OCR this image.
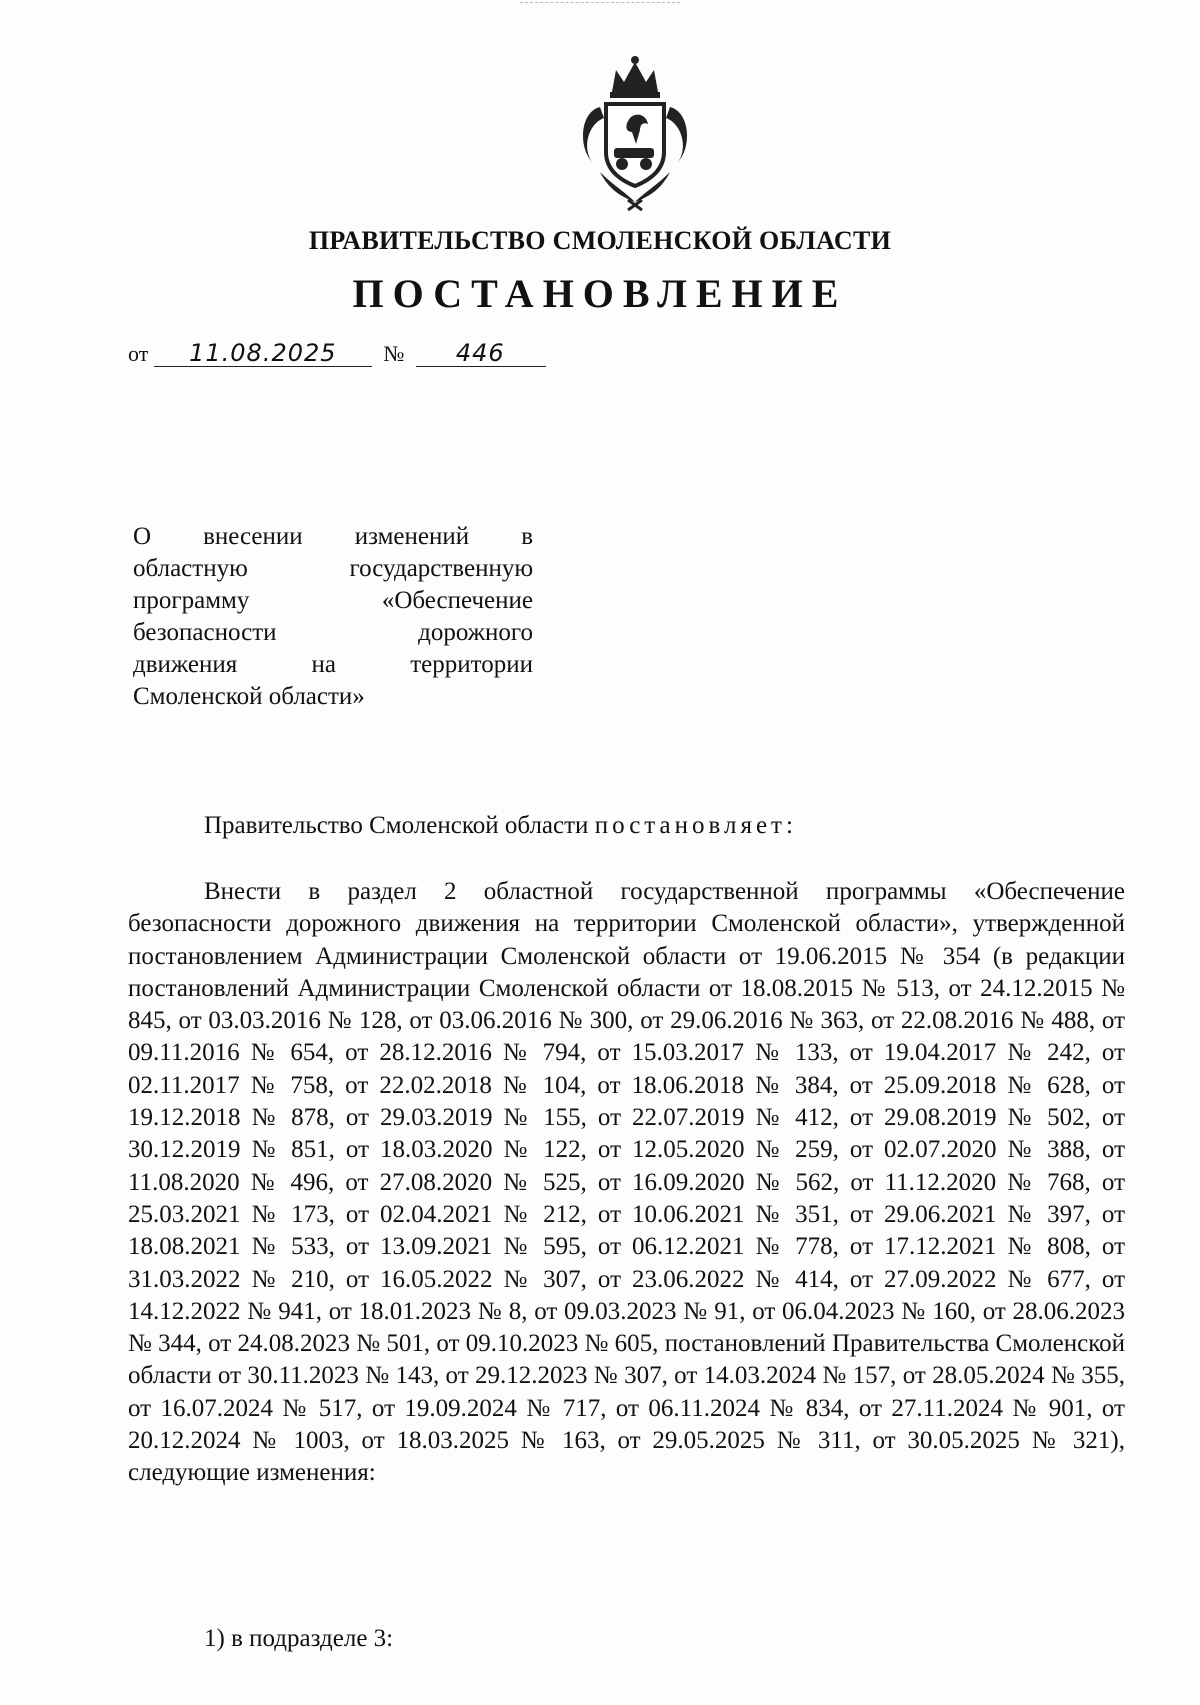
ПРАВИТЕЛЬСТВО СМОЛЕНСКОЙ ОБЛАСТИ
ПОСТАНОВЛЕНИЕ
от 11.08.2025 № 446
О внесении изменений в
областную государственную
программу «Обеспечение
безопасности дорожного
движения на территории
Смоленской области»
Правительство Смоленской области постановляет:
Внести в раздел 2 областной государственной программы «Обеспечение безопасности дорожного движения на территории Смоленской области», утвержденной постановлением Администрации Смоленской области от 19.06.2015 № 354 (в редакции постановлений Администрации Смоленской области от 18.08.2015 № 513, от 24.12.2015 № 845, от 03.03.2016 № 128, от 03.06.2016 № 300, от 29.06.2016 № 363, от 22.08.2016 № 488, от 09.11.2016 № 654, от 28.12.2016 № 794, от 15.03.2017 № 133, от 19.04.2017 № 242, от 02.11.2017 № 758, от 22.02.2018 № 104, от 18.06.2018 № 384, от 25.09.2018 № 628, от 19.12.2018 № 878, от 29.03.2019 № 155, от 22.07.2019 № 412, от 29.08.2019 № 502, от 30.12.2019 № 851, от 18.03.2020 № 122, от 12.05.2020 № 259, от 02.07.2020 № 388, от 11.08.2020 № 496, от 27.08.2020 № 525, от 16.09.2020 № 562, от 11.12.2020 № 768, от 25.03.2021 № 173, от 02.04.2021 № 212, от 10.06.2021 № 351, от 29.06.2021 № 397, от 18.08.2021 № 533, от 13.09.2021 № 595, от 06.12.2021 № 778, от 17.12.2021 № 808, от 31.03.2022 № 210, от 16.05.2022 № 307, от 23.06.2022 № 414, от 27.09.2022 № 677, от 14.12.2022 № 941, от 18.01.2023 № 8, от 09.03.2023 № 91, от 06.04.2023 № 160, от 28.06.2023 № 344, от 24.08.2023 № 501, от 09.10.2023 № 605, постановлений Правительства Смоленской области от 30.11.2023 № 143, от 29.12.2023 № 307, от 14.03.2024 № 157, от 28.05.2024 № 355, от 16.07.2024 № 517, от 19.09.2024 № 717, от 06.11.2024 № 834, от 27.11.2024 № 901, от 20.12.2024 № 1003, от 18.03.2025 № 163, от 29.05.2025 № 311, от 30.05.2025 № 321), следующие изменения:
1) в подразделе 3:
